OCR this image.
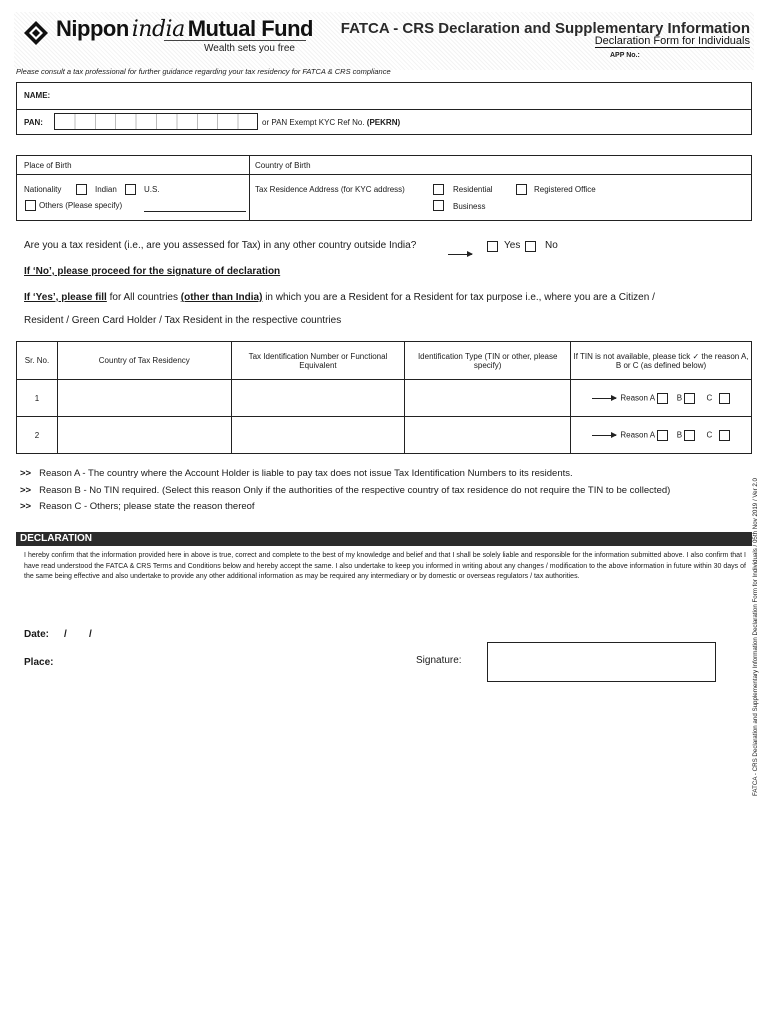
Nippon india Mutual Fund
Wealth sets you free
FATCA - CRS Declaration and Supplementary Information
Declaration Form for Individuals
APP No.:
Please consult a tax professional for further guidance regarding your tax residency for FATCA & CRS compliance
NAME:
PAN:	or PAN Exempt KYC Ref No. (PEKRN)
Place of Birth	Country of Birth
Nationality	Indian	U.S.
Others (Please specify)
Tax Residence Address (for KYC address)	Residential	Registered Office
Business
Are you a tax resident (i.e., are you assessed for Tax) in any other country outside India?	Yes No
If ‘No’, please proceed for the signature of declaration
If ‘Yes’, please fill for All countries (other than India) in which you are a Resident for a Resident for tax purpose i.e., where you are a Citizen /
Resident / Green Card Holder / Tax Resident in the respective countries
Sr. No.	Country of Tax Residency	Tax Identification Number or Functional Equivalent	Identification Type (TIN or other, please specify)	If TIN is not available, please tick ✓ the reason A, B or C (as defined below)
1				Reason A B C
2				Reason A B C
>> Reason A - The country where the Account Holder is liable to pay tax does not issue Tax Identification Numbers to its residents.
>> Reason B - No TIN required. (Select this reason Only if the authorities of the respective country of tax residence do not require the TIN to be collected)
>> Reason C - Others; please state the reason thereof
DECLARATION
I hereby confirm that the information provided here in above is true, correct and complete to the best of my knowledge and belief and that I shall be solely liable and responsible for the information submitted above. I also confirm that I have read understood the FATCA & CRS Terms and Conditions below and hereby accept the same. I also undertake to keep you informed in writing about any changes / modification to the above information in future within 30 days of the same being effective and also undertake to provide any other additional information as may be required any intermediary or by domestic or overseas regulators / tax authorities.
Date: /        /
Place:	Signature:	FATCA - CRS Declaration and Supplementary Information Declaration Form for Individuals / 05th Nov 2019 / Ver 2.0
